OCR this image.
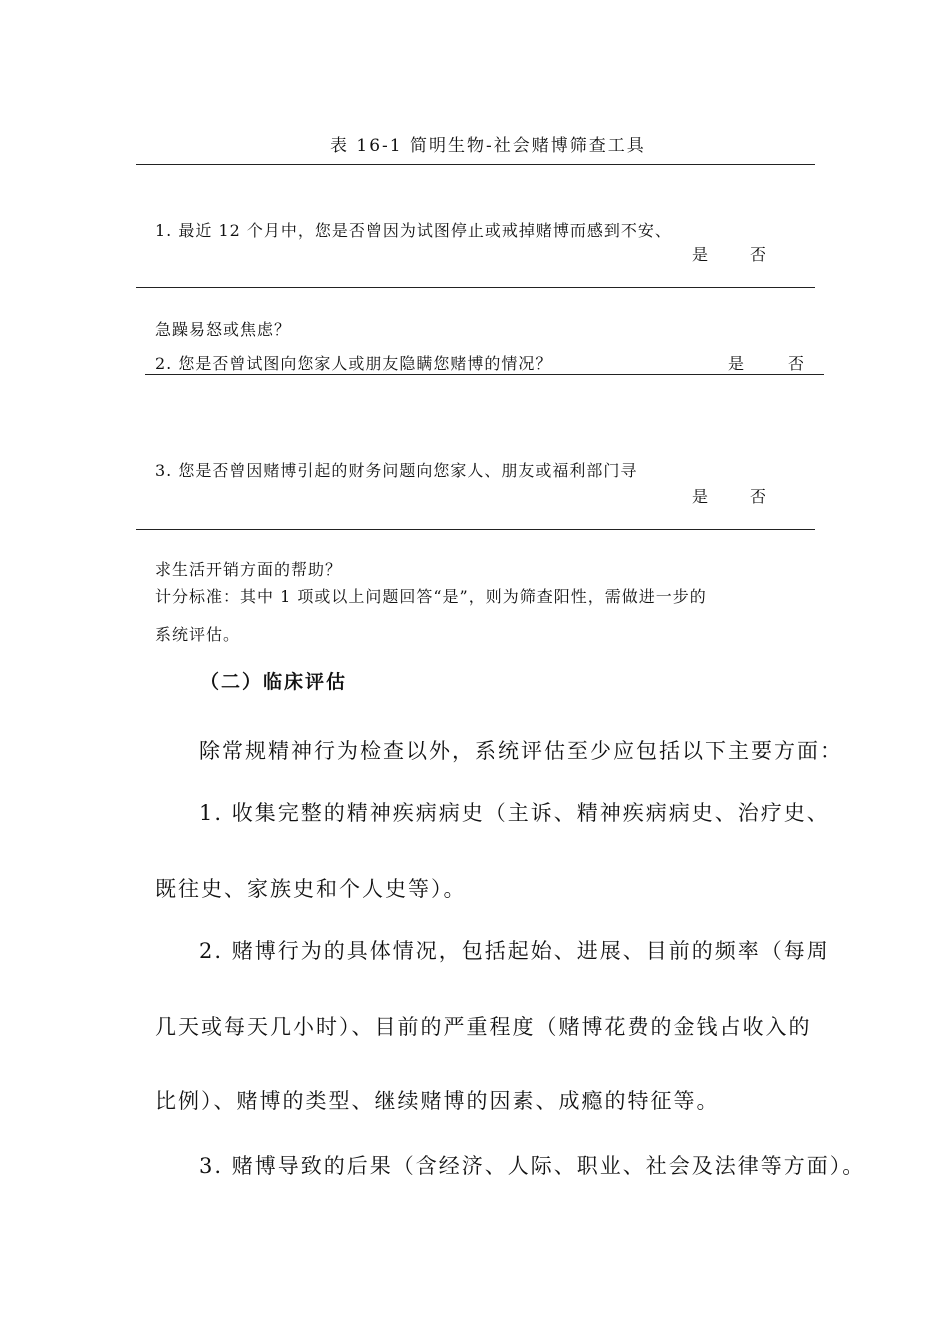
表 16-1 简明生物-社会赌博筛查工具
1. 最近 12 个月中，您是否曾因为试图停止或戒掉赌博而感到不安、
是	否
急躁易怒或焦虑？
2. 您是否曾试图向您家人或朋友隐瞒您赌博的情况？	是	否
3. 您是否曾因赌博引起的财务问题向您家人、朋友或福利部门寻
是	否
求生活开销方面的帮助？
计分标准：其中 1 项或以上问题回答“是”，则为筛查阳性，需做进一步的
系统评估。
（二）临床评估
除常规精神行为检查以外，系统评估至少应包括以下主要方面：
1. 收集完整的精神疾病病史（主诉、精神疾病病史、治疗史、
既往史、家族史和个人史等）。
2. 赌博行为的具体情况，包括起始、进展、目前的频率（每周
几天或每天几小时）、目前的严重程度（赌博花费的金钱占收入的
比例）、赌博的类型、继续赌博的因素、成瘾的特征等。
3. 赌博导致的后果（含经济、人际、职业、社会及法律等方面）。
